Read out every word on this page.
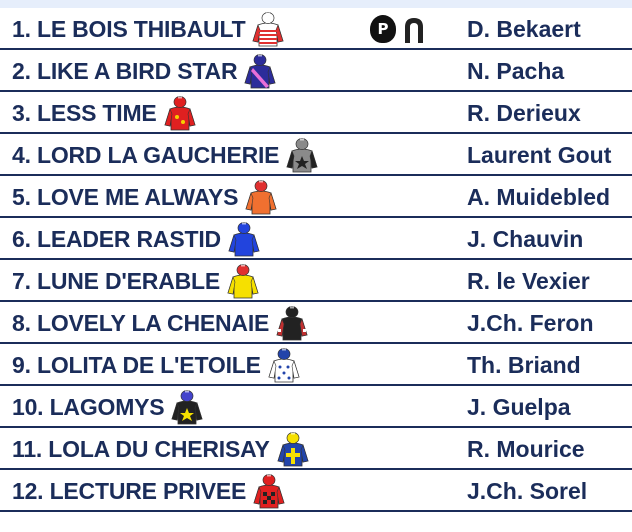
1. LE BOIS THIBAULT	P	D. Bekaert
2. LIKE A BIRD STAR	N. Pacha
3. LESS TIME	R. Derieux
4. LORD LA GAUCHERIE	Laurent Gout
5. LOVE ME ALWAYS	A. Muidebled
6. LEADER RASTID	J. Chauvin
7. LUNE D'ERABLE	R. le Vexier
8. LOVELY LA CHENAIE	J.Ch. Feron
9. LOLITA DE L'ETOILE	Th. Briand
10. LAGOMYS	J. Guelpa
11. LOLA DU CHERISAY	R. Mourice
12. LECTURE PRIVEE	J.Ch. Sorel
